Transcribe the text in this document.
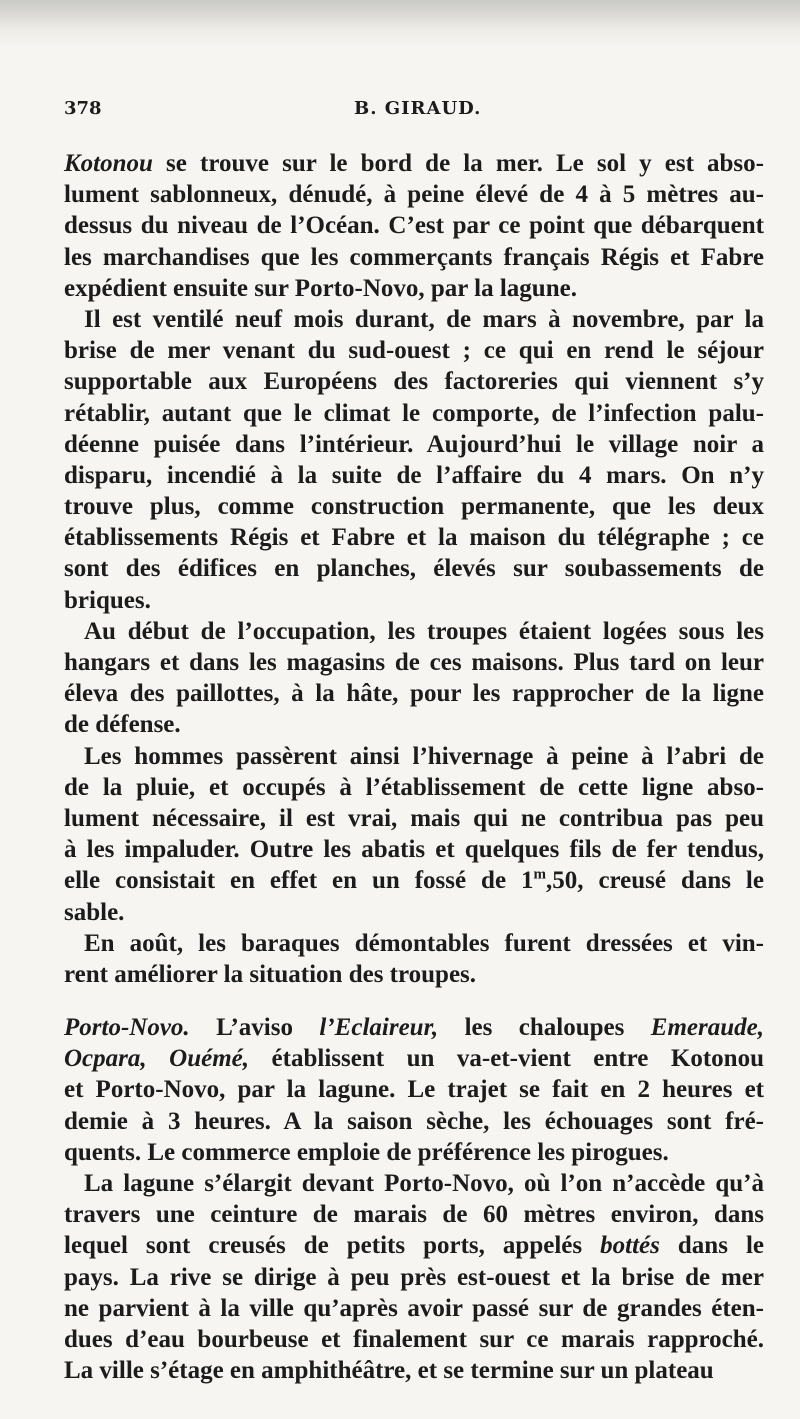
378	B. GIRAUD.
Kotonou se trouve sur le bord de la mer. Le sol y est abso-
lument sablonneux, dénudé, à peine élevé de 4 à 5 mètres au-
dessus du niveau de l’Océan. C’est par ce point que débarquent
les marchandises que les commerçants français Régis et Fabre
expédient ensuite sur Porto-Novo, par la lagune.
Il est ventilé neuf mois durant, de mars à novembre, par la
brise de mer venant du sud-ouest ; ce qui en rend le séjour
supportable aux Européens des factoreries qui viennent s’y
rétablir, autant que le climat le comporte, de l’infection palu-
déenne puisée dans l’intérieur. Aujourd’hui le village noir a
disparu, incendié à la suite de l’affaire du 4 mars. On n’y
trouve plus, comme construction permanente, que les deux
établissements Régis et Fabre et la maison du télégraphe ; ce
sont des édifices en planches, élevés sur soubassements de
briques.
Au début de l’occupation, les troupes étaient logées sous les
hangars et dans les magasins de ces maisons. Plus tard on leur
éleva des paillottes, à la hâte, pour les rapprocher de la ligne
de défense.
Les hommes passèrent ainsi l’hivernage à peine à l’abri de
de la pluie, et occupés à l’établissement de cette ligne abso-
lument nécessaire, il est vrai, mais qui ne contribua pas peu
à les impaluder. Outre les abatis et quelques fils de fer tendus,
elle consistait en effet en un fossé de 1$^m$,50, creusé dans le
sable.
En août, les baraques démontables furent dressées et vin-
rent améliorer la situation des troupes.
Porto-Novo. L’aviso l’Eclaireur, les chaloupes Emeraude,
Ocpara, Ouémé, établissent un va-et-vient entre Kotonou
et Porto-Novo, par la lagune. Le trajet se fait en 2 heures et
demie à 3 heures. A la saison sèche, les échouages sont fré-
quents. Le commerce emploie de préférence les pirogues.
La lagune s’élargit devant Porto-Novo, où l’on n’accède qu’à
travers une ceinture de marais de 60 mètres environ, dans
lequel sont creusés de petits ports, appelés bottés dans le
pays. La rive se dirige à peu près est-ouest et la brise de mer
ne parvient à la ville qu’après avoir passé sur de grandes éten-
dues d’eau bourbeuse et finalement sur ce marais rapproché.
La ville s’étage en amphithéâtre, et se termine sur un plateau
